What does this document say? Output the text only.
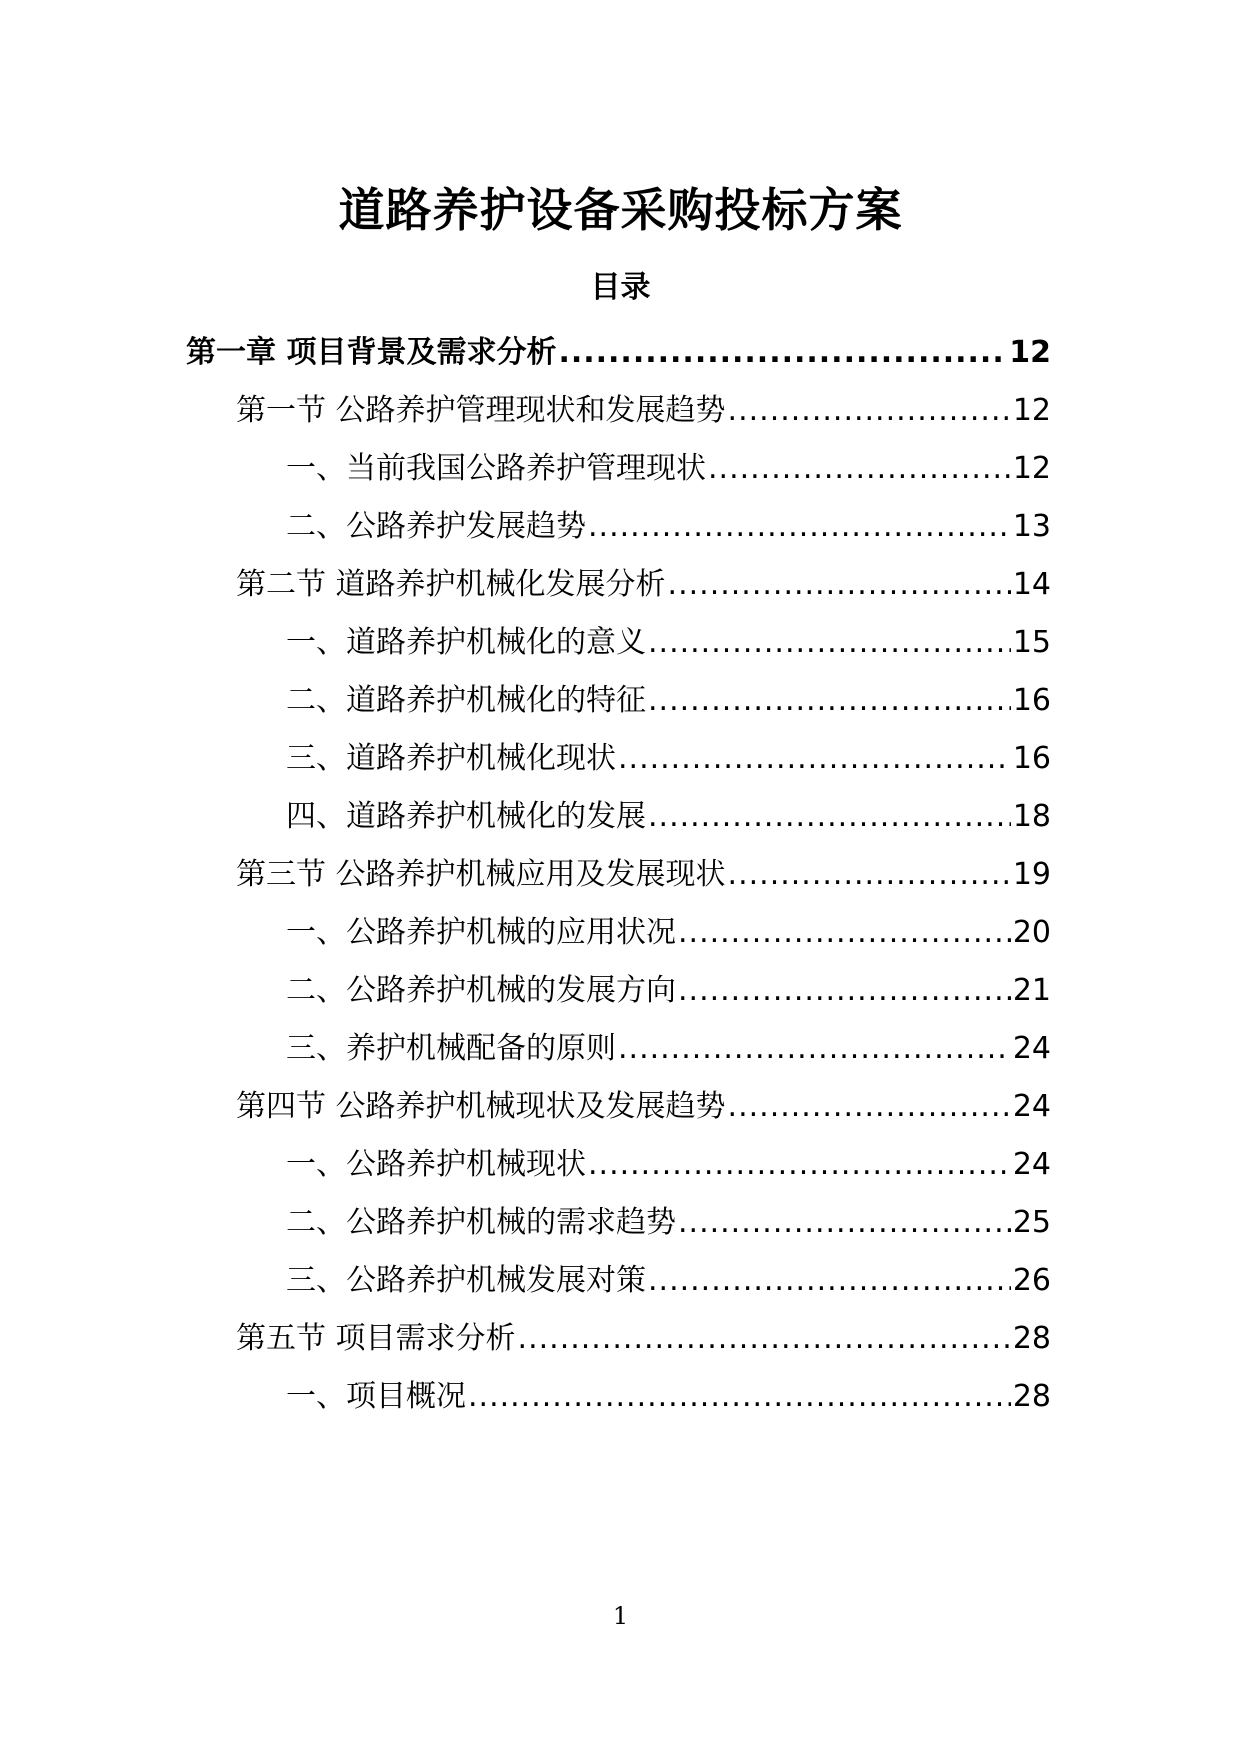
道路养护设备采购投标方案
目录
第一章 项目背景及需求分析 .....	12
第一节 公路养护管理现状和发展趋势 .....	12
一、当前我国公路养护管理现状 .....	12
二、公路养护发展趋势 .....	13
第二节 道路养护机械化发展分析 .....	14
一、道路养护机械化的意义 .....	15
二、道路养护机械化的特征 .....	16
三、道路养护机械化现状 .....	16
四、道路养护机械化的发展 .....	18
第三节 公路养护机械应用及发展现状 .....	19
一、公路养护机械的应用状况 .....	20
二、公路养护机械的发展方向 .....	21
三、养护机械配备的原则 .....	24
第四节 公路养护机械现状及发展趋势 .....	24
一、公路养护机械现状 .....	24
二、公路养护机械的需求趋势 .....	25
三、公路养护机械发展对策 .....	26
第五节 项目需求分析 .....	28
一、项目概况 .....	28
1
